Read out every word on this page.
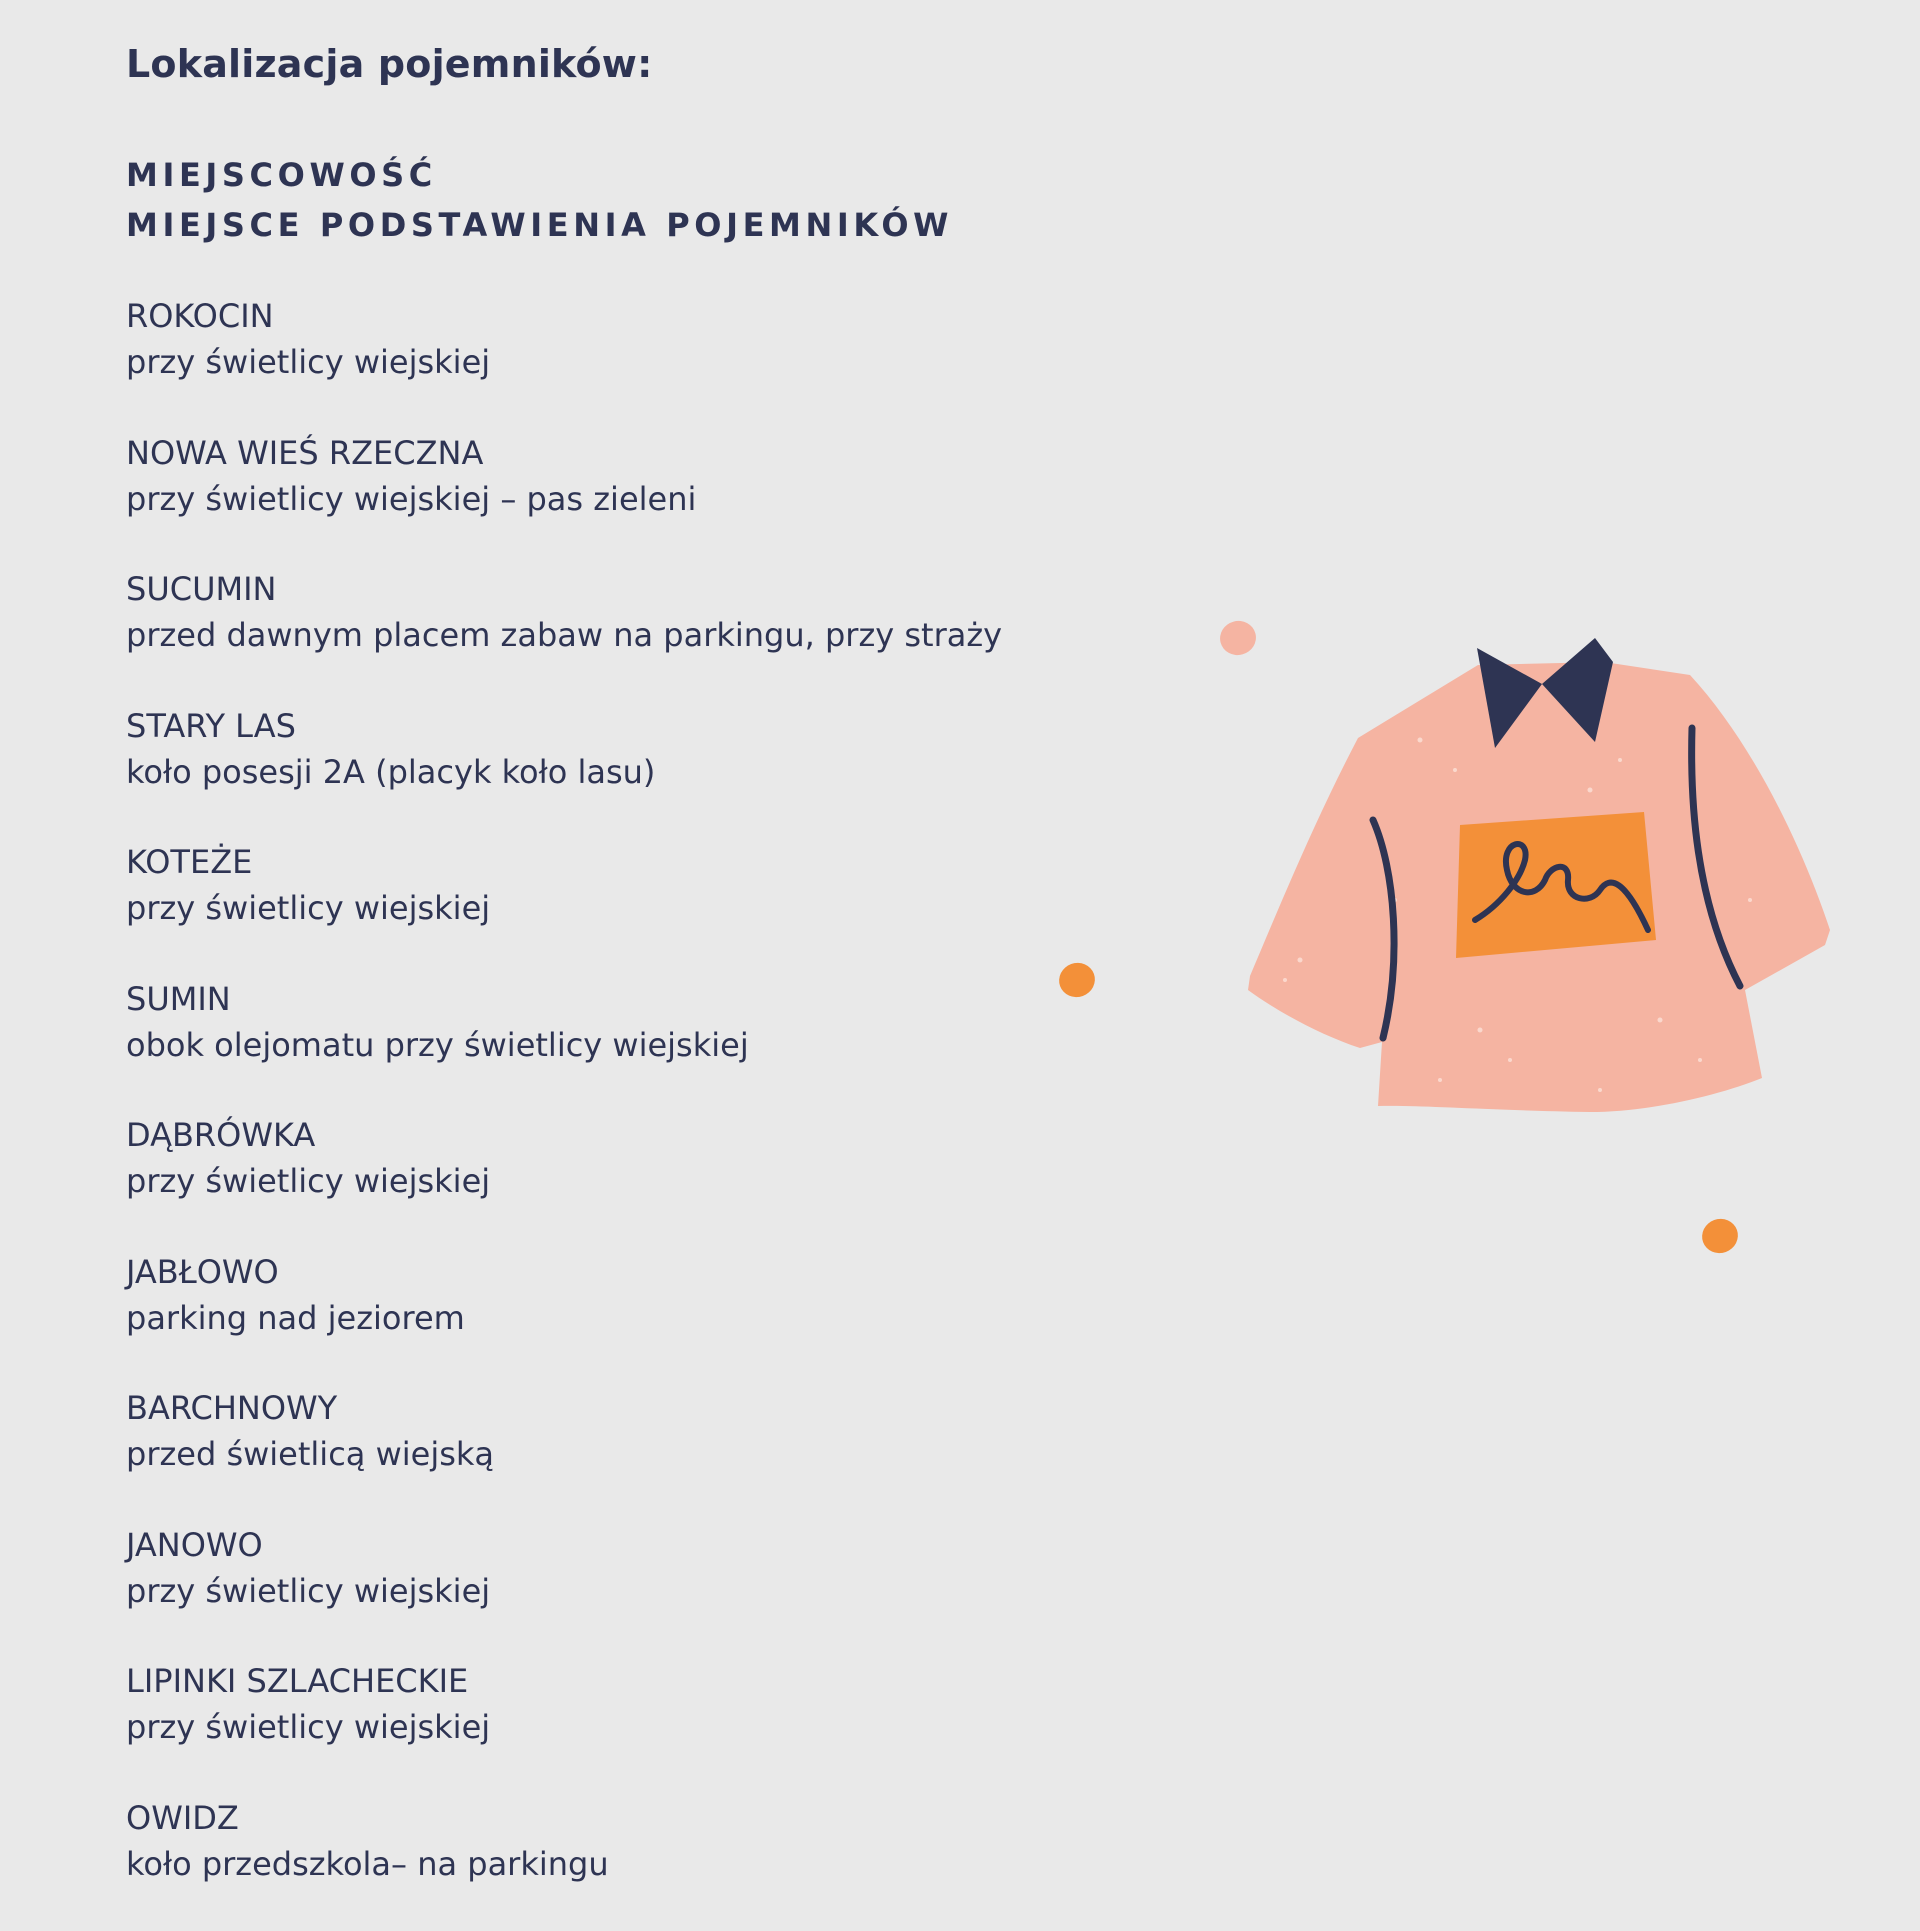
Lokalizacja pojemników:
MIEJSCOWOŚĆ
MIEJSCE PODSTAWIENIA POJEMNIKÓW
ROKOCIN
przy świetlicy wiejskiej
NOWA WIEŚ RZECZNA
przy świetlicy wiejskiej – pas zieleni
SUCUMIN
przed dawnym placem zabaw na parkingu, przy straży
STARY LAS
koło posesji 2A (placyk koło lasu)
KOTEŻE
przy świetlicy wiejskiej
SUMIN
obok olejomatu przy świetlicy wiejskiej
DĄBRÓWKA
przy świetlicy wiejskiej
JABŁOWO
parking nad jeziorem
BARCHNOWY
przed świetlicą wiejską
JANOWO
przy świetlicy wiejskiej
LIPINKI SZLACHECKIE
przy świetlicy wiejskiej
OWIDZ
koło przedszkola– na parkingu
